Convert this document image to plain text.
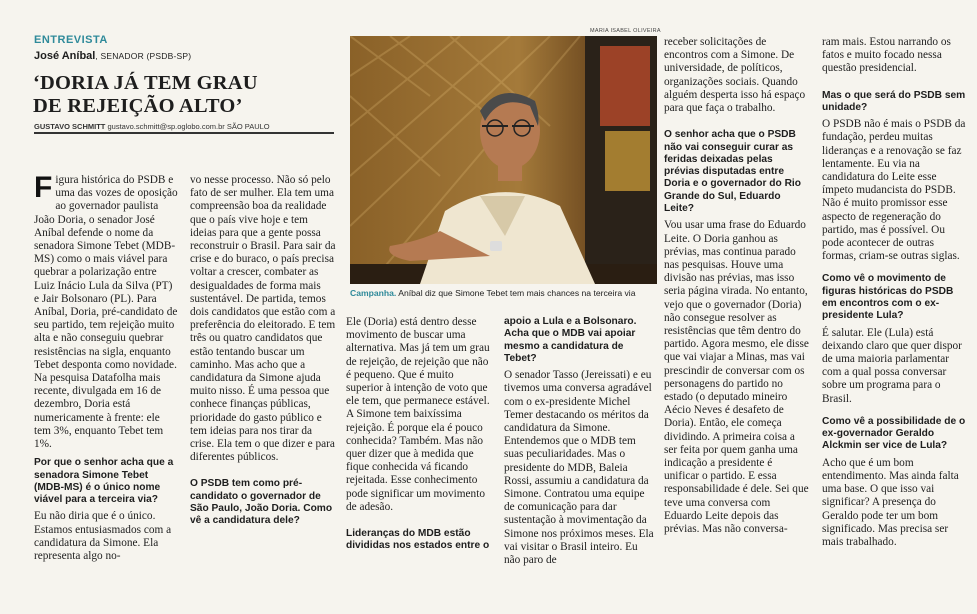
ENTREVISTA
José Aníbal, SENADOR (PSDB-SP)
‘DORIA JÁ TEM GRAU
DE REJEIÇÃO ALTO’
GUSTAVO SCHMITT gustavo.schmitt@sp.oglobo.com.br SÃO PAULO

Figura histórica do PSDB e uma das vozes de oposição ao governador paulista João Doria, o senador José Aníbal defende o nome da senadora Simone Tebet (MDB-MS) como o mais viável para quebrar a polarização entre Luiz Inácio Lula da Silva (PT) e Jair Bolsonaro (PL). Para Aníbal, Doria, pré-candidato de seu partido, tem rejeição muito alta e não conseguiu quebrar resistências na sigla, enquanto Tebet desponta como novidade. Na pesquisa Datafolha mais recente, divulgada em 16 de dezembro, Doria está numericamente à frente: ele tem 3%, enquanto Tebet tem 1%.

Por que o senhor acha que a senadora Simone Tebet (MDB-MS) é o único nome viável para a terceira via?

Eu não diria que é o único. Estamos entusiasmados com a candidatura da Simone. Ela representa algo no-

vo nesse processo. Não só pelo fato de ser mulher. Ela tem uma compreensão boa da realidade que o país vive hoje e tem ideias para que a gente possa reconstruir o Brasil. Para sair da crise e do buraco, o país precisa voltar a crescer, combater as desigualdades de forma mais sustentável. De partida, temos dois candidatos que estão com a preferência do eleitorado. E tem três ou quatro candidatos que estão tentando buscar um caminho. Mas acho que a candidatura da Simone ajuda muito nisso. É uma pessoa que conhece finanças públicas, prioridade do gasto público e tem ideias para nos tirar da crise. Ela tem o que dizer e para diferentes públicos.

O PSDB tem como pré-candidato o governador de São Paulo, João Doria. Como vê a candidatura dele?

MARIA ISABEL OLIVEIRA
Campanha. Aníbal diz que Simone Tebet tem mais chances na terceira via

Ele (Doria) está dentro desse movimento de buscar uma alternativa. Mas já tem um grau de rejeição, de rejeição que não é pequeno. Que é muito superior à intenção de voto que ele tem, que permanece estável. A Simone tem baixíssima rejeição. É porque ela é pouco conhecida? Também. Mas não quer dizer que à medida que fique conhecida vá ficando rejeitada. Esse conhecimento pode significar um movimento de adesão.

Lideranças do MDB estão divididas nos estados entre o

apoio a Lula e a Bolsonaro. Acha que o MDB vai apoiar mesmo a candidatura de Tebet?

O senador Tasso (Jereissati) e eu tivemos uma conversa agradável com o ex-presidente Michel Temer destacando os méritos da candidatura da Simone. Entendemos que o MDB tem suas peculiaridades. Mas o presidente do MDB, Baleia Rossi, assumiu a candidatura da Simone. Contratou uma equipe de comunicação para dar sustentação à movimentação da Simone nos próximos meses. Ela vai visitar o Brasil inteiro. Eu não paro de

receber solicitações de encontros com a Simone. De universidade, de políticos, organizações sociais. Quando alguém desperta isso há espaço para que faça o trabalho.

O senhor acha que o PSDB não vai conseguir curar as feridas deixadas pelas prévias disputadas entre Doria e o governador do Rio Grande do Sul, Eduardo Leite?

Vou usar uma frase do Eduardo Leite. O Doria ganhou as prévias, mas continua parado nas pesquisas. Houve uma divisão nas prévias, mas isso seria página virada. No entanto, vejo que o governador (Doria) não consegue resolver as resistências que têm dentro do partido. Agora mesmo, ele disse que vai viajar a Minas, mas vai prescindir de conversar com os personagens do partido no estado (o deputado mineiro Aécio Neves é desafeto de Doria). Então, ele começa dividindo. A primeira coisa a ser feita por quem ganha uma indicação a presidente é unificar o partido. E essa responsabilidade é dele. Sei que teve uma conversa com Eduardo Leite depois das prévias. Mas não conversa-

ram mais. Estou narrando os fatos e muito focado nessa questão presidencial.

Mas o que será do PSDB sem unidade?

O PSDB não é mais o PSDB da fundação, perdeu muitas lideranças e a renovação se faz lentamente. Eu via na candidatura do Leite esse ímpeto mudancista do PSDB. Não é muito promissor esse aspecto de regeneração do partido, mas é possível. Ou pode acontecer de outras formas, criam-se outras siglas.

Como vê o movimento de figuras históricas do PSDB em encontros com o ex-presidente Lula?

É salutar. Ele (Lula) está deixando claro que quer dispor de uma maioria parlamentar com a qual possa conversar sobre um programa para o Brasil.

Como vê a possibilidade de o ex-governador Geraldo Alckmin ser vice de Lula?

Acho que é um bom entendimento. Mas ainda falta uma base. O que isso vai significar? A presença do Geraldo pode ter um bom significado. Mas precisa ser mais trabalhado.
